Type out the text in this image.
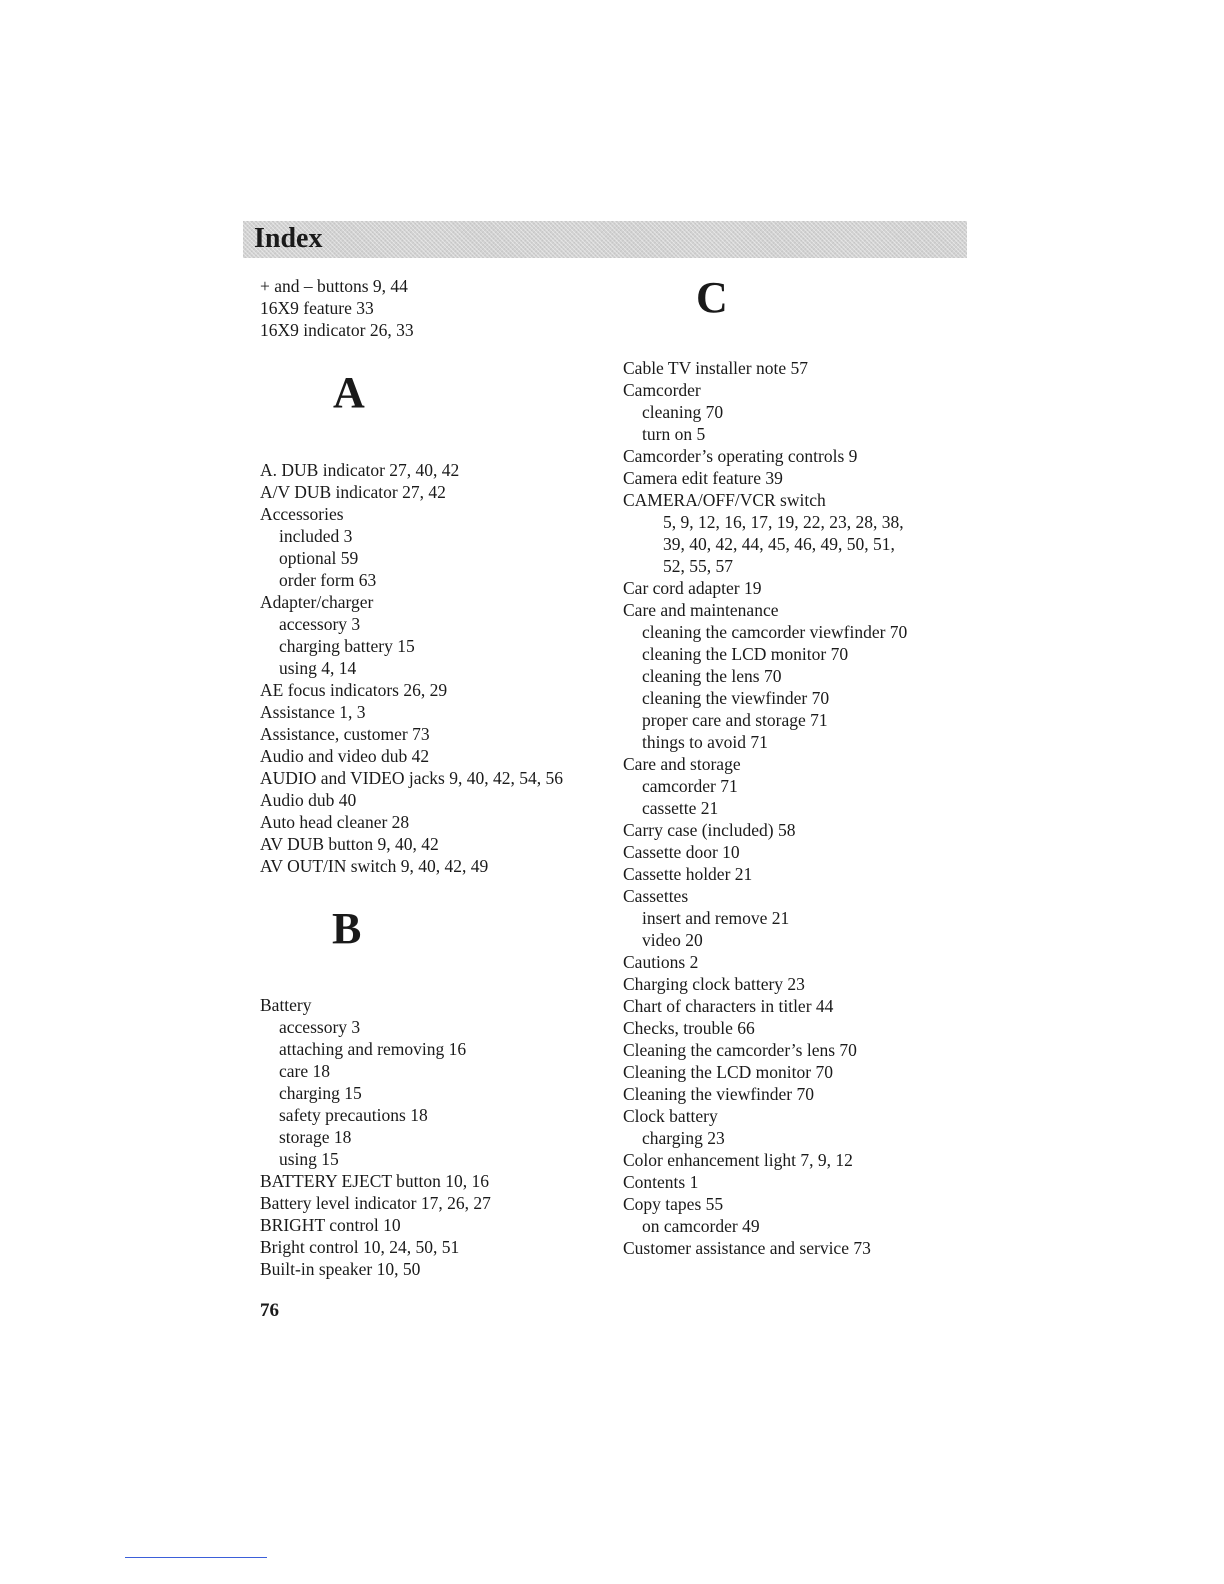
Index
+ and – buttons 9, 44
16X9 feature 33
16X9 indicator 26, 33
A
A. DUB indicator 27, 40, 42
A/V DUB indicator 27, 42
Accessories
included 3
optional 59
order form 63
Adapter/charger
accessory 3
charging battery 15
using 4, 14
AE focus indicators 26, 29
Assistance 1, 3
Assistance, customer 73
Audio and video dub 42
AUDIO and VIDEO jacks 9, 40, 42, 54, 56
Audio dub 40
Auto head cleaner 28
AV DUB button 9, 40, 42
AV OUT/IN switch 9, 40, 42, 49
B
Battery
accessory 3
attaching and removing 16
care 18
charging 15
safety precautions 18
storage 18
using 15
BATTERY EJECT button 10, 16
Battery level indicator 17, 26, 27
BRIGHT control 10
Bright control 10, 24, 50, 51
Built-in speaker 10, 50
C
Cable TV installer note 57
Camcorder
cleaning 70
turn on 5
Camcorder’s operating controls 9
Camera edit feature 39
CAMERA/OFF/VCR switch
5, 9, 12, 16, 17, 19, 22, 23, 28, 38,
39, 40, 42, 44, 45, 46, 49, 50, 51,
52, 55, 57
Car cord adapter 19
Care and maintenance
cleaning the camcorder viewfinder 70
cleaning the LCD monitor 70
cleaning the lens 70
cleaning the viewfinder 70
proper care and storage 71
things to avoid 71
Care and storage
camcorder 71
cassette 21
Carry case (included) 58
Cassette door 10
Cassette holder 21
Cassettes
insert and remove 21
video 20
Cautions 2
Charging clock battery 23
Chart of characters in titler 44
Checks, trouble 66
Cleaning the camcorder’s lens 70
Cleaning the LCD monitor 70
Cleaning the viewfinder 70
Clock battery
charging 23
Color enhancement light 7, 9, 12
Contents 1
Copy tapes 55
on camcorder 49
Customer assistance and service 73
76
